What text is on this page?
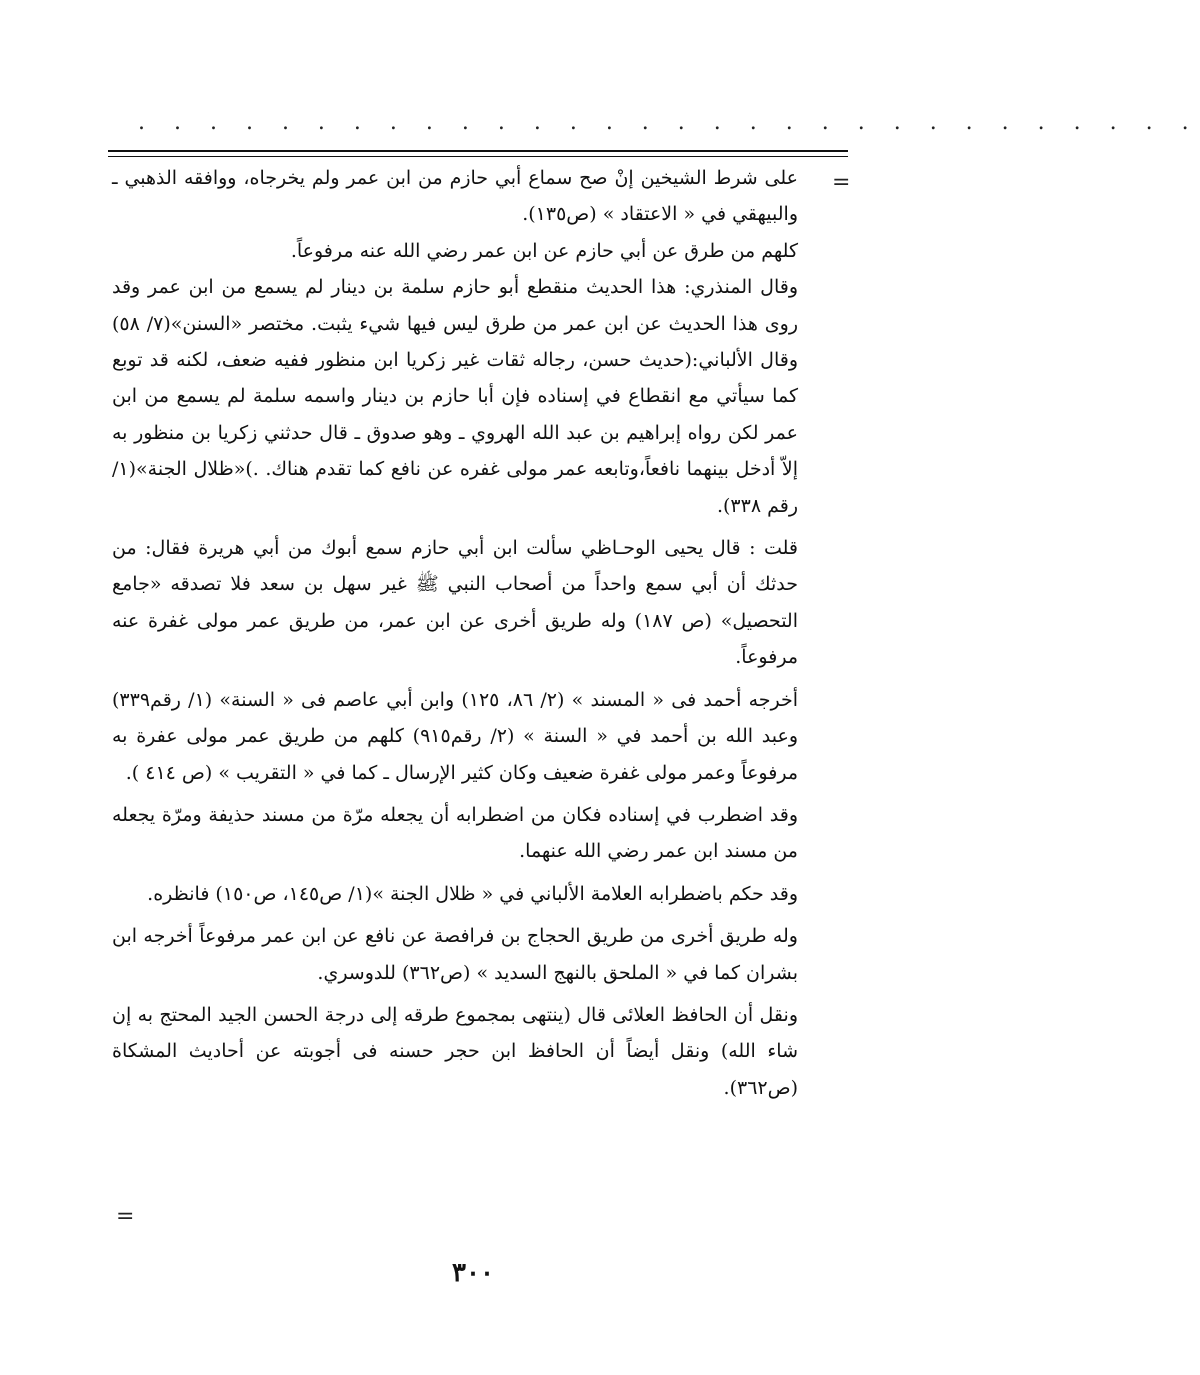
. . . . . . . . . . . . . . . . . . . . . . . . . . . . . .
=

على شرط الشيخين إنْ صح سماع أبي حازم من ابن عمر ولم يخرجاه، ووافقه الذهبي ـ والبيهقي في « الاعتقاد » (ص١٣٥).

كلهم من طرق عن أبي حازم عن ابن عمر رضي الله عنه مرفوعاً.

وقال المنذري: هذا الحديث منقطع أبو حازم سلمة بن دينار لم يسمع من ابن عمر وقد روى هذا الحديث عن ابن عمر من طرق ليس فيها شيء يثبت. مختصر «السنن»(٧/ ٥٨) وقال الألباني:(حديث حسن، رجاله ثقات غير زكريا ابن منظور ففيه ضعف، لكنه قد توبع كما سيأتي مع انقطاع في إسناده فإن أبا حازم بن دينار واسمه سلمة لم يسمع من ابن عمر لكن رواه إبراهيم بن عبد الله الهروي ـ وهو صدوق ـ قال حدثني زكريا بن منظور به إلاّ أدخل بينهما نافعاً،وتابعه عمر مولى غفره عن نافع كما تقدم هناك. .)«ظلال الجنة»(١/ رقم ٣٣٨).

قلت : قال يحيى الوحـاظي سألت ابن أبي حازم سمع أبوك من أبي هريرة فقال: من حدثك أن أبي سمع واحداً من أصحاب النبي ﷺ غير سهل بن سعد فلا تصدقه «جامع التحصيل» (ص ١٨٧) وله طريق أخرى عن ابن عمر، من طريق عمر مولى غفرة عنه مرفوعاً.

أخرجه أحمد فى « المسند » (٢/ ٨٦، ١٢٥) وابن أبي عاصم فى « السنة» (١/ رقم٣٣٩) وعبد الله بن أحمد في « السنة » (٢/ رقم٩١٥) كلهم من طريق عمر مولى عفرة به مرفوعاً وعمر مولى غفرة ضعيف وكان كثير الإرسال ـ كما في « التقريب » (ص ٤١٤ ).

وقد اضطرب في إسناده فكان من اضطرابه أن يجعله مرّة من مسند حذيفة ومرّة يجعله من مسند ابن عمر رضي الله عنهما.

وقد حكم باضطرابه العلامة الألباني في « ظلال الجنة »(١/ ص١٤٥، ص١٥٠) فانظره.

وله طريق أخرى من طريق الحجاج بن فرافصة عن نافع عن ابن عمر مرفوعاً أخرجه ابن بشران كما في « الملحق بالنهج السديد » (ص٣٦٢) للدوسري.

ونقل أن الحافظ العلائى قال (ينتهى بمجموع طرقه إلى درجة الحسن الجيد المحتج به إن شاء الله) ونقل أيضاً أن الحافظ ابن حجر حسنه فى أجوبته عن أحاديث المشكاة (ص٣٦٢).

=
٣٠٠
